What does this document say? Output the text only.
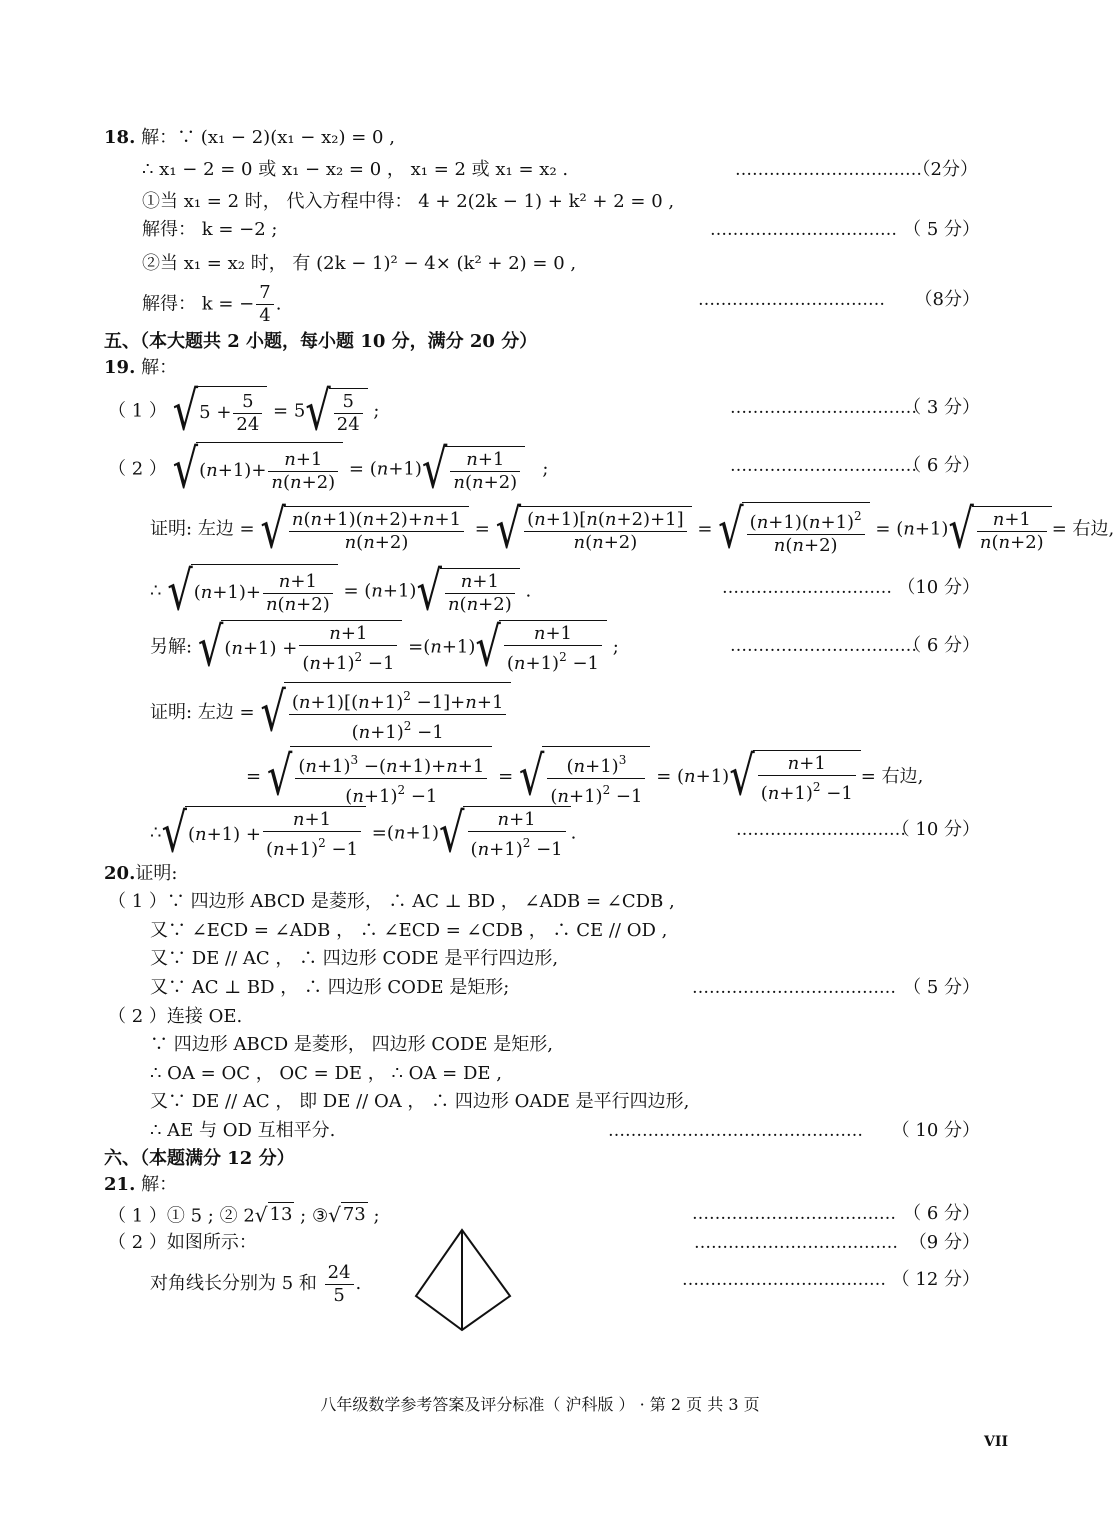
18. 解：∵ (x₁ − 2)(x₁ − x₂) = 0 ,
∴ x₁ − 2 = 0 或 x₁ − x₂ = 0 ， x₁ = 2 或 x₁ = x₂ .	……………………………
（2分）
①当 x₁ = 2 时， 代入方程中得： 4 + 2(2k − 1) + k² + 2 = 0 ,
解得： k = −2 ;	…………………………… （ 5 分）
②当 x₁ = x₂ 时， 有 (2k − 1)² − 4× (k² + 2) = 0 ,
解得： k = − $\frac{7}{4}$ .	…………………………… （8分）
五、（本大题共 2 小题，每小题 10 分，满分 20 分）
19. 解：
（ 1 ） √ $5 + \frac{5}{24} = 5$ √ $\frac{5}{24}$ ;	……………………………
（ 3 分）
（ 2 ） √ ( $n +1)+ \frac{n+1}{n(n+2)} = (n+1)$ √ $\frac{n+1}{n(n+2)}$ ;	……………………………
（ 6 分）
证明: 左边 = √ $\frac{n(n+1)(n+2)+n+1}{n(n+2)}$ = √ $\frac{(n+1)[n(n+2)+1]}{n(n+2)}$ = √ $\frac{(n+1)(n+1)^2}{n(n+2)} = (n+1)$ √ $\frac{n+1}{n(n+2)}$ = 右边,
∴ √ ( $n +1)+ \frac{n+1}{n(n+2)} = (n+1)$ √ $\frac{n+1}{n(n+2)}$ .	………………………… （10 分）
另解: √ ( $n +1) + \frac{n+1}{(n+1)^2 -1} =(n+1)$ √ $\frac{n+1}{(n+1)^2 -1}$ ;	……………………………
（ 6 分）
证明: 左边 = √ $\frac{(n+1)[(n+1)^2 -1]+n+1}{(n+1)^2 -1}$
= √ $\frac{(n+1)^3 -(n+1)+n+1}{(n+1)^2 -1}$ = √ $\frac{(n+1)^3}{(n+1)^2 -1} = (n+1)$ √ $\frac{n+1}{(n+1)^2 -1}$ = 右边,
∴ √ ( $n +1) + \frac{n+1}{(n+1)^2 -1} =(n+1)$ √ $\frac{n+1}{(n+1)^2 -1}$ .	…………………………
（ 10 分）
20.证明:
（ 1 ）∵ 四边形 ABCD 是菱形， ∴ AC ⊥ BD ， ∠ADB = ∠CDB ,
又∵ ∠ECD = ∠ADB ， ∴ ∠ECD = ∠CDB ， ∴ CE // OD ,
又∵ DE // AC ， ∴ 四边形 CODE 是平行四边形,
又∵ AC ⊥ BD ， ∴ 四边形 CODE 是矩形;	……………………………… （ 5 分）
（ 2 ）连接 OE.
∵ 四边形 ABCD 是菱形， 四边形 CODE 是矩形,
∴ OA = OC ， OC = DE ， ∴ OA = DE ,
又∵ DE // AC ， 即 DE // OA ， ∴ 四边形 OADE 是平行四边形,
∴ AE 与 OD 互相平分.	……………………………………… （ 10 分）
六、（本题满分 12 分）
21. 解：
（ 1 ）① 5 ; ② 2 √ 13 ; ③ √ 73 ;	……………………………… （ 6 分）
（ 2 ）如图所示：	……………………………… （9 分）
对角线长分别为 5 和 $\frac{24}{5}$ .	……………………………… （ 12 分）
八年级数学参考答案及评分标准（ 沪科版 ） · 第 2 页 共 3 页
VII
